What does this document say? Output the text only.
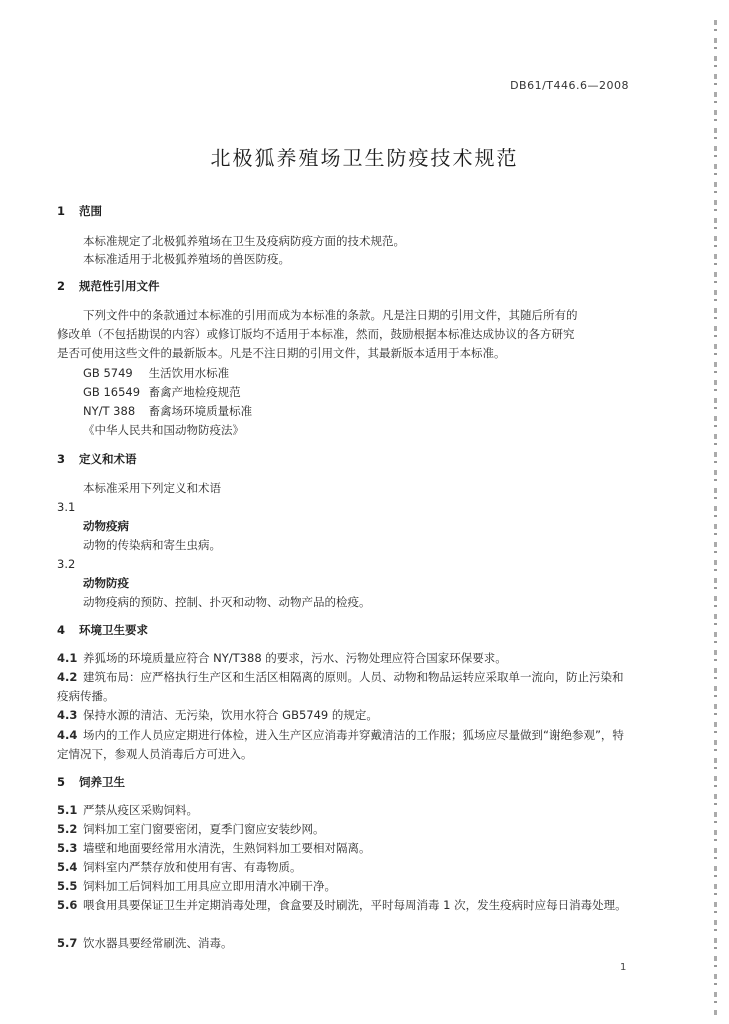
DB61/T446.6—2008
北极狐养殖场卫生防疫技术规范
1 范围
本标准规定了北极狐养殖场在卫生及疫病防疫方面的技术规范。
本标准适用于北极狐养殖场的兽医防疫。
2 规范性引用文件
下列文件中的条款通过本标准的引用而成为本标准的条款。凡是注日期的引用文件，其随后所有的
修改单（不包括勘误的内容）或修订版均不适用于本标准，然而，鼓励根据本标准达成协议的各方研究
是否可使用这些文件的最新版本。凡是不注日期的引用文件，其最新版本适用于本标准。
GB 5749 生活饮用水标准
GB 16549 畜禽产地检疫规范
NY/T 388 畜禽场环境质量标准
《中华人民共和国动物防疫法》
3 定义和术语
本标准采用下列定义和术语
3.1
动物疫病
动物的传染病和寄生虫病。
3.2
动物防疫
动物疫病的预防、控制、扑灭和动物、动物产品的检疫。
4 环境卫生要求
4.1 养狐场的环境质量应符合 NY/T388 的要求，污水、污物处理应符合国家环保要求。
4.2 建筑布局：应严格执行生产区和生活区相隔离的原则。人员、动物和物品运转应采取单一流向，防止污染和疫病传播。
4.3 保持水源的清洁、无污染，饮用水符合 GB5749 的规定。
4.4 场内的工作人员应定期进行体检，进入生产区应消毒并穿戴清洁的工作服；狐场应尽量做到“谢绝参观”，特定情况下，参观人员消毒后方可进入。
5 饲养卫生
5.1 严禁从疫区采购饲料。
5.2 饲料加工室门窗要密闭，夏季门窗应安装纱网。
5.3 墙壁和地面要经常用水清洗，生熟饲料加工要相对隔离。
5.4 饲料室内严禁存放和使用有害、有毒物质。
5.5 饲料加工后饲料加工用具应立即用清水冲刷干净。
5.6 喂食用具要保证卫生并定期消毒处理，食盒要及时刷洗，平时每周消毒 1 次，发生疫病时应每日消毒处理。
5.7 饮水器具要经常刷洗、消毒。
1
